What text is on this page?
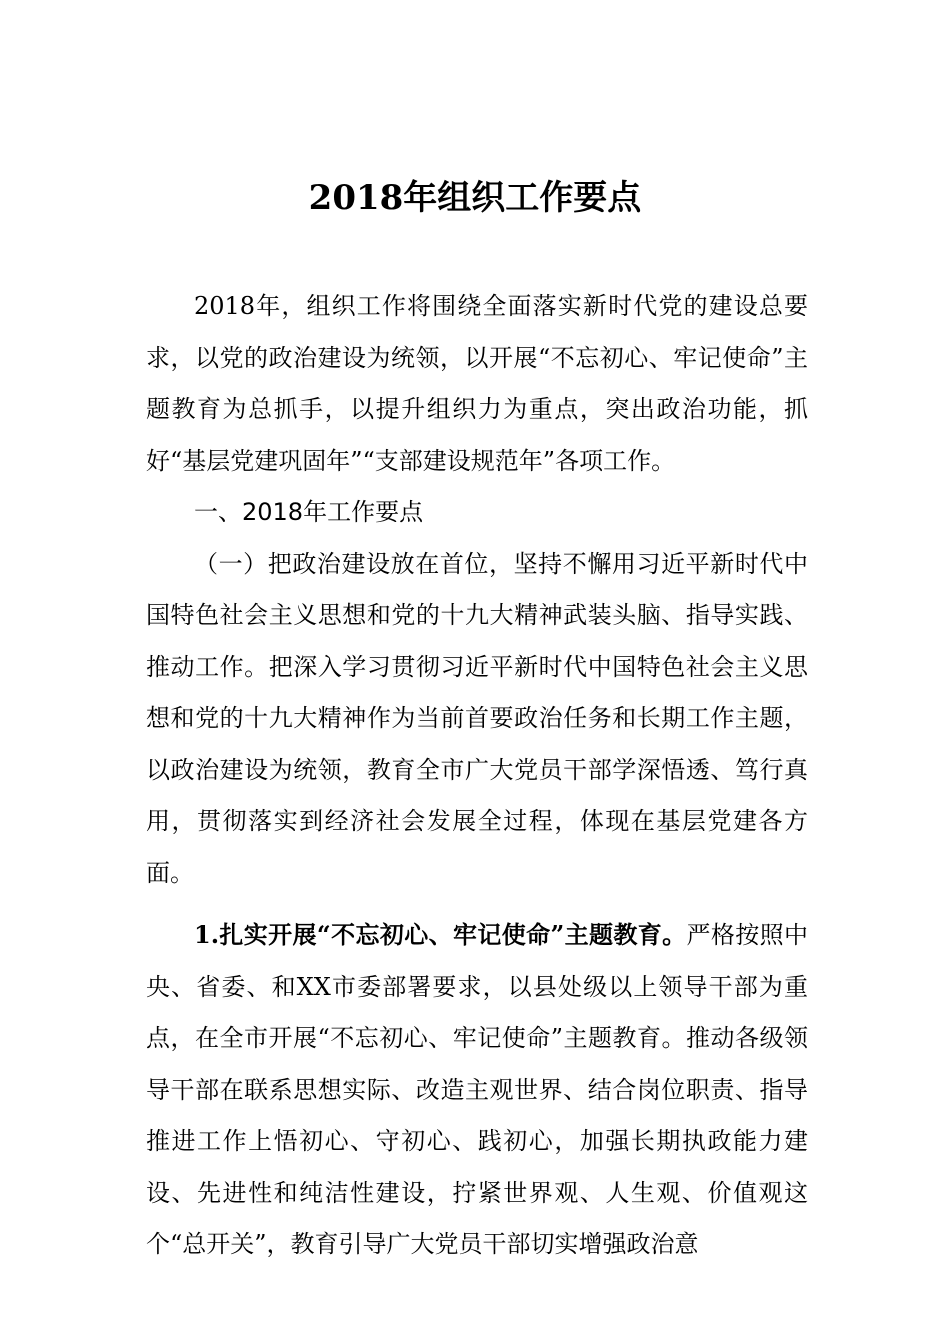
2018年组织工作要点

2018年，组织工作将围绕全面落实新时代党的建设总要求，以党的政治建设为统领，以开展“不忘初心、牢记使命”主题教育为总抓手，以提升组织力为重点，突出政治功能，抓好“基层党建巩固年”“支部建设规范年”各项工作。

一、2018年工作要点

（一）把政治建设放在首位，坚持不懈用习近平新时代中国特色社会主义思想和党的十九大精神武装头脑、指导实践、推动工作。把深入学习贯彻习近平新时代中国特色社会主义思想和党的十九大精神作为当前首要政治任务和长期工作主题，以政治建设为统领，教育全市广大党员干部学深悟透、笃行真用，贯彻落实到经济社会发展全过程，体现在基层党建各方面。

1.扎实开展“不忘初心、牢记使命”主题教育。严格按照中央、省委、和XX市委部署要求，以县处级以上领导干部为重点，在全市开展“不忘初心、牢记使命”主题教育。推动各级领导干部在联系思想实际、改造主观世界、结合岗位职责、指导推进工作上悟初心、守初心、践初心，加强长期执政能力建设、先进性和纯洁性建设，拧紧世界观、人生观、价值观这个“总开关”，教育引导广大党员干部切实增强政治意
